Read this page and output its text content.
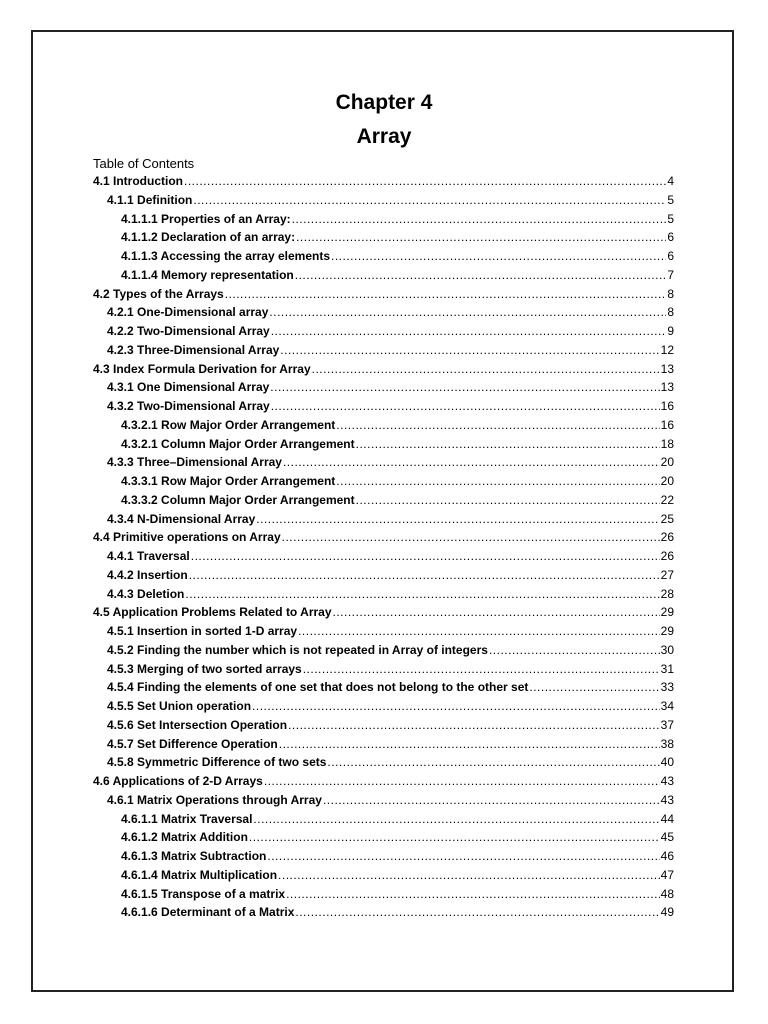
Chapter 4
Array
Table of Contents
4.1 Introduction .....	4
4.1.1 Definition .....	5
4.1.1.1 Properties of an Array: .....	5
4.1.1.2 Declaration of an array: .....	6
4.1.1.3 Accessing the array elements .....	6
4.1.1.4 Memory representation .....	7
4.2 Types of the Arrays .....	8
4.2.1 One-Dimensional array .....	8
4.2.2 Two-Dimensional Array .....	9
4.2.3 Three-Dimensional Array .....	12
4.3 Index Formula Derivation for Array .....	13
4.3.1 One Dimensional Array .....	13
4.3.2 Two-Dimensional Array .....	16
4.3.2.1 Row Major Order Arrangement .....	16
4.3.2.1 Column Major Order Arrangement .....	18
4.3.3 Three–Dimensional Array .....	20
4.3.3.1 Row Major Order Arrangement .....	20
4.3.3.2 Column Major Order Arrangement .....	22
4.3.4 N-Dimensional Array .....	25
4.4 Primitive operations on Array .....	26
4.4.1 Traversal .....	26
4.4.2 Insertion .....	27
4.4.3 Deletion .....	28
4.5 Application Problems Related to Array .....	29
4.5.1 Insertion in sorted 1-D array .....	29
4.5.2 Finding the number which is not repeated in Array of integers .....	30
4.5.3 Merging of two sorted arrays .....	31
4.5.4 Finding the elements of one set that does not belong to the other set .....	33
4.5.5 Set Union operation .....	34
4.5.6 Set Intersection Operation .....	37
4.5.7 Set Difference Operation .....	38
4.5.8 Symmetric Difference of two sets .....	40
4.6 Applications of 2-D Arrays .....	43
4.6.1 Matrix Operations through Array .....	43
4.6.1.1 Matrix Traversal .....	44
4.6.1.2 Matrix Addition .....	45
4.6.1.3 Matrix Subtraction .....	46
4.6.1.4 Matrix Multiplication .....	47
4.6.1.5 Transpose of a matrix .....	48
4.6.1.6 Determinant of a Matrix .....	49
